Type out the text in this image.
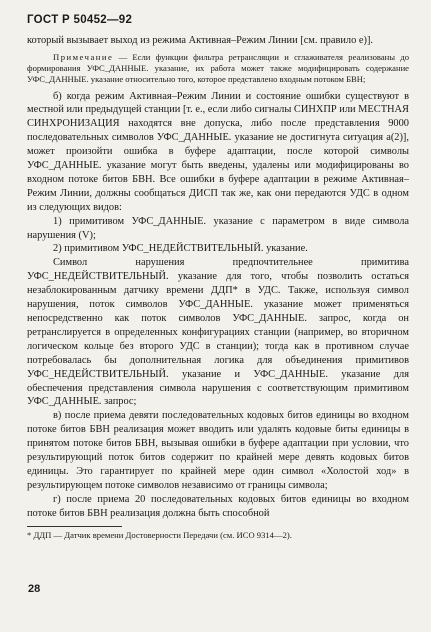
ГОСТ Р 50452—92

который вызывает выход из режима Активная–Режим Линии [см. правило е)].

Примечание — Если функции фильтра ретрансляции и сглаживателя реализованы до формирования УФС_ДАННЫЕ. указание, их работа может также модифицировать содержание УФС_ДАННЫЕ. указание относительно того, которое представлено входным потоком БВН;

б) когда режим Активная–Режим Линии и состояние ошибки существуют в местной или предыдущей станции [т. е., если либо сигналы СИНХПР или МЕСТНАЯ СИНХРОНИЗАЦИЯ находятся вне допуска, либо после представления 9000 последовательных символов УФС_ДАННЫЕ. указание не достигнута ситуация а(2)], может произойти ошибка в буфере адаптации, после которой символы УФС_ДАННЫЕ. указание могут быть введены, удалены или модифицированы во входном потоке битов БВН. Все ошибки в буфере адаптации в режиме Активная–Режим Линии, должны сообщаться ДИСП так же, как они передаются УДС в одном из следующих видов:

1) примитивом УФС_ДАННЫЕ. указание с параметром в виде символа нарушения (V);

2) примитивом УФС_НЕДЕЙСТВИТЕЛЬНЫЙ. указание.

Символ нарушения предпочтительнее примитива УФС_НЕДЕЙСТВИТЕЛЬНЫЙ. указание для того, чтобы позволить остаться незаблокированным датчику времени ДДП* в УДС. Также, используя символ нарушения, поток символов УФС_ДАННЫЕ. указание может применяться непосредственно как поток символов УФС_ДАННЫЕ. запрос, когда он ретранслируется в определенных конфигурациях станции (например, во вторичном логическом кольце без второго УДС в станции); тогда как в противном случае потребовалась бы дополнительная логика для объединения примитивов УФС_НЕДЕЙСТВИТЕЛЬНЫЙ. указание и УФС_ДАННЫЕ. указание для обеспечения представления символа нарушения с соответствующим примитивом УФС_ДАННЫЕ. запрос;

в) после приема девяти последовательных кодовых битов единицы во входном потоке битов БВН реализация может вводить или удалять кодовые биты единицы в принятом потоке битов БВН, вызывая ошибки в буфере адаптации при условии, что результирующий поток битов содержит по крайней мере девять кодовых битов единицы. Это гарантирует по крайней мере один символ «Холостой ход» в результирующем потоке символов независимо от границы символа;

г) после приема 20 последовательных кодовых битов единицы во входном потоке битов БВН реализация должна быть способной

* ДДП — Датчик времени Достоверности Передачи (см. ИСО 9314—2).
28
